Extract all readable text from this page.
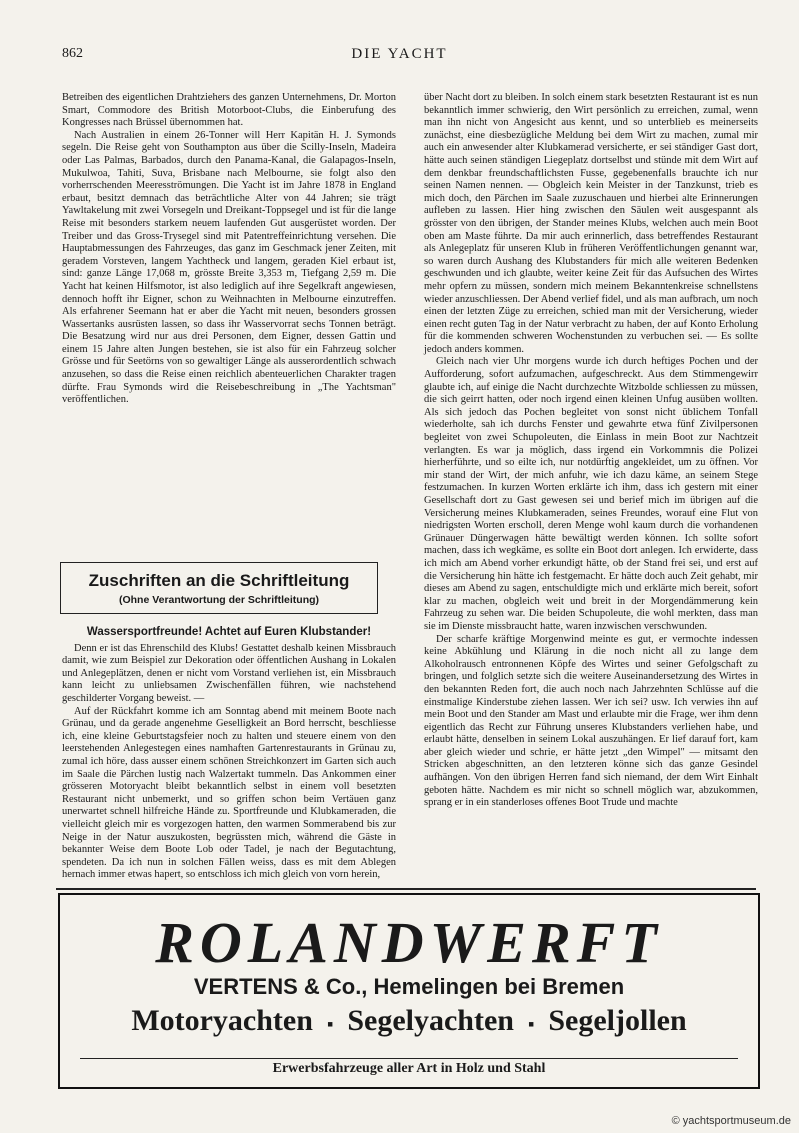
862	DIE YACHT

Betreiben des eigentlichen Drahtziehers des ganzen Unternehmens, Dr. Morton Smart, Commodore des British Motorboot-Clubs, die Einberufung des Kongresses nach Brüssel übernommen hat.

Nach Australien in einem 26-Tonner will Herr Kapitän H. J. Symonds segeln. Die Reise geht von Southampton aus über die Scilly-Inseln, Madeira oder Las Palmas, Barbados, durch den Panama-Kanal, die Galapagos-Inseln, Mukulwoa, Tahiti, Suva, Brisbane nach Melbourne, sie folgt also den vorherrschenden Meeresströmungen. Die Yacht ist im Jahre 1878 in England erbaut, besitzt demnach das beträchtliche Alter von 44 Jahren; sie trägt Yawltakelung mit zwei Vorsegeln und Dreikant-Toppsegel und ist für die lange Reise mit besonders starkem neuem laufenden Gut ausgerüstet worden. Der Treiber und das Gross-Trysegel sind mit Patentreffeinrichtung versehen. Die Hauptabmessungen des Fahrzeuges, das ganz im Geschmack jener Zeiten, mit geradem Vorsteven, langem Yachtheck und langem, geraden Kiel erbaut ist, sind: ganze Länge 17,068 m, grösste Breite 3,353 m, Tiefgang 2,59 m. Die Yacht hat keinen Hilfsmotor, ist also lediglich auf ihre Segelkraft angewiesen, dennoch hofft ihr Eigner, schon zu Weihnachten in Melbourne einzutreffen. Als erfahrener Seemann hat er aber die Yacht mit neuen, besonders grossen Wassertanks ausrüsten lassen, so dass ihr Wasservorrat sechs Tonnen beträgt. Die Besatzung wird nur aus drei Personen, dem Eigner, dessen Gattin und einem 15 Jahre alten Jungen bestehen, sie ist also für ein Fahrzeug solcher Grösse und für Seetörns von so gewaltiger Länge als ausserordentlich schwach anzusehen, so dass die Reise einen reichlich abenteuerlichen Charakter tragen dürfte. Frau Symonds wird die Reisebeschreibung in „The Yachtsman" veröffentlichen.

Zuschriften an die Schriftleitung
(Ohne Verantwortung der Schriftleitung)
Wassersportfreunde! Achtet auf Euren Klubstander!

Denn er ist das Ehrenschild des Klubs! Gestattet deshalb keinen Missbrauch damit, wie zum Beispiel zur Dekoration oder öffentlichen Aushang in Lokalen und Anlegeplätzen, denen er nicht vom Vorstand verliehen ist, ein Missbrauch kann leicht zu unliebsamen Zwischenfällen führen, wie nachstehend geschilderter Vorgang beweist. —

Auf der Rückfahrt komme ich am Sonntag abend mit meinem Boote nach Grünau, und da gerade angenehme Geselligkeit an Bord herrscht, beschliesse ich, eine kleine Geburtstagsfeier noch zu halten und steuere einem von den leerstehenden Anlegestegen eines namhaften Gartenrestaurants in Grünau zu, zumal ich höre, dass ausser einem schönen Streichkonzert im Garten sich auch im Saale die Pärchen lustig nach Walzertakt tummeln. Das Ankommen einer grösseren Motoryacht bleibt bekanntlich selbst in einem voll besetzten Restaurant nicht unbemerkt, und so griffen schon beim Vertäuen ganz unerwartet schnell hilfreiche Hände zu. Sportfreunde und Klubkameraden, die vielleicht gleich mir es vorgezogen hatten, den warmen Sommerabend bis zur Neige in der Natur auszukosten, begrüssten mich, während die Gäste in bekannter Weise dem Boote Lob oder Tadel, je nach der Begutachtung, spendeten. Da ich nun in solchen Fällen weiss, dass es mit dem Ablegen hernach immer etwas hapert, so entschloss ich mich gleich von vorn herein,

über Nacht dort zu bleiben. In solch einem stark besetzten Restaurant ist es nun bekanntlich immer schwierig, den Wirt persönlich zu erreichen, zumal, wenn man ihn nicht von Angesicht aus kennt, und so unterblieb es meinerseits zunächst, eine diesbezügliche Meldung bei dem Wirt zu machen, zumal mir auch ein anwesender alter Klubkamerad versicherte, er sei ständiger Gast dort, hätte auch seinen ständigen Liegeplatz dortselbst und stünde mit dem Wirt auf dem denkbar freundschaftlichsten Fusse, gegebenenfalls brauchte ich nur seinen Namen nennen. — Obgleich kein Meister in der Tanzkunst, trieb es mich doch, den Pärchen im Saale zuzuschauen und hierbei alte Erinnerungen aufleben zu lassen. Hier hing zwischen den Säulen weit ausgespannt als grösster von den übrigen, der Stander meines Klubs, welchen auch mein Boot oben am Maste führte. Da mir auch erinnerlich, dass betreffendes Restaurant als Anlegeplatz für unseren Klub in früheren Veröffentlichungen genannt war, so waren durch Aushang des Klubstanders für mich alle weiteren Bedenken geschwunden und ich glaubte, weiter keine Zeit für das Aufsuchen des Wirtes mehr opfern zu müssen, sondern mich meinem Bekanntenkreise schnellstens wieder anzuschliessen. Der Abend verlief fidel, und als man aufbrach, um noch einen der letzten Züge zu erreichen, schied man mit der Versicherung, wieder einen recht guten Tag in der Natur verbracht zu haben, der auf Konto Erholung für die kommenden schweren Wochenstunden zu verbuchen sei. — Es sollte jedoch anders kommen.

Gleich nach vier Uhr morgens wurde ich durch heftiges Pochen und der Aufforderung, sofort aufzumachen, aufgeschreckt. Aus dem Stimmengewirr glaubte ich, auf einige die Nacht durchzechte Witzbolde schliessen zu müssen, die sich geirrt hatten, oder noch irgend einen kleinen Unfug ausüben wollten. Als sich jedoch das Pochen begleitet von sonst nicht üblichem Tonfall wiederholte, sah ich durchs Fenster und gewahrte etwa fünf Zivilpersonen begleitet von zwei Schupoleuten, die Einlass in mein Boot zur Nachtzeit verlangten. Es war ja möglich, dass irgend ein Vorkommnis die Polizei hierherführte, und so eilte ich, nur notdürftig angekleidet, um zu öffnen. Vor mir stand der Wirt, der mich anfuhr, wie ich dazu käme, an seinem Stege festzumachen. In kurzen Worten erklärte ich ihm, dass ich gestern mit einer Gesellschaft dort zu Gast gewesen sei und berief mich im übrigen auf die Versicherung meines Klubkameraden, seines Freundes, worauf eine Flut von niedrigsten Worten erscholl, deren Menge wohl kaum durch die vorhandenen Grünauer Düngerwagen hätte bewältigt werden können. Ich sollte sofort machen, dass ich wegkäme, es sollte ein Boot dort anlegen. Ich erwiderte, dass ich mich am Abend vorher erkundigt hätte, ob der Stand frei sei, und erst auf die Versicherung hin hätte ich festgemacht. Er hätte doch auch Zeit gehabt, mir dieses am Abend zu sagen, entschuldigte mich und erklärte mich bereit, sofort klar zu machen, obgleich weit und breit in der Morgendämmerung kein Fahrzeug zu sehen war. Die beiden Schupoleute, die wohl merkten, dass man sie im Dienste missbraucht hatte, waren inzwischen verschwunden.

Der scharfe kräftige Morgenwind meinte es gut, er vermochte indessen keine Abkühlung und Klärung in die noch nicht all zu lange dem Alkoholrausch entronnenen Köpfe des Wirtes und seiner Gefolgschaft zu bringen, und folglich setzte sich die weitere Auseinandersetzung des Wirtes in den bekannten Reden fort, die auch noch nach Jahrzehnten Schlüsse auf die einstmalige Kinderstube ziehen lassen. Wer ich sei? usw. Ich verwies ihn auf mein Boot und den Stander am Mast und erlaubte mir die Frage, wer ihm denn eigentlich das Recht zur Führung unseres Klubstanders verliehen habe, und erlaubt hätte, denselben in seinem Lokal auszuhängen. Er lief darauf fort, kam aber gleich wieder und schrie, er hätte jetzt „den Wimpel" — mitsamt den Stricken abgeschnitten, an den letzteren könne sich das ganze Gesindel aufhängen. Von den übrigen Herren fand sich niemand, der dem Wirt Einhalt geboten hätte. Nachdem es mir nicht so schnell möglich war, abzukommen, sprang er in ein standerloses offenes Boot Trude und machte

ROLANDWERFT
VERTENS & Co., Hemelingen bei Bremen
Motoryachten ▪ Segelyachten ▪ Segeljollen
Erwerbsfahrzeuge aller Art in Holz und Stahl
© yachtsportmuseum.de
